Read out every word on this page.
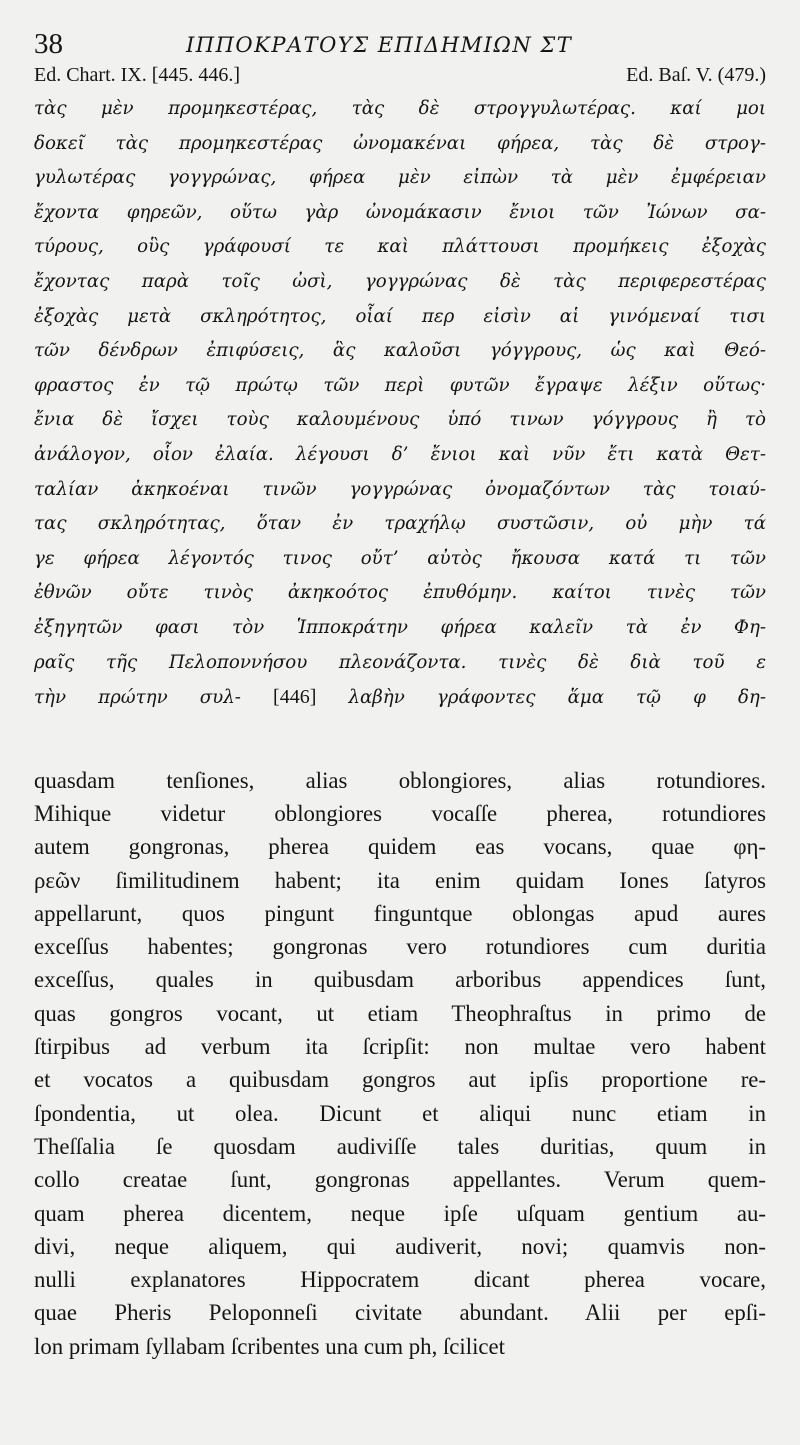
38	ΙΠΠΟΚΡΑΤΟΥΣ ΕΠΙΔΗΜΙΩΝ ΣΤ
Ed. Chart. IX. [445. 446.]	Ed. Baſ. V. (479.)
τὰς μὲν προμηκεστέρας, τὰς δὲ στρογγυλωτέρας. καί μοι
δοκεῖ τὰς προμηκεστέρας ὠνομακέναι φήρεα, τὰς δὲ στρογ-
γυλωτέρας γογγρώνας, φήρεα μὲν εἰπὼν τὰ μὲν ἐμφέρειαν
ἔχοντα φηρεῶν, οὕτω γὰρ ὠνομάκασιν ἔνιοι τῶν Ἰώνων σα-
τύρους, οὓς γράφουσί τε καὶ πλάττουσι προμήκεις ἐξοχὰς
ἔχοντας παρὰ τοῖς ὠσὶ, γογγρώνας δὲ τὰς περιφερεστέρας
ἐξοχὰς μετὰ σκληρότητος, οἷαί περ εἰσὶν αἱ γινόμεναί τισι
τῶν δένδρων ἐπιφύσεις, ἃς καλοῦσι γόγγρους, ὡς καὶ Θεό-
φραστος ἐν τῷ πρώτῳ τῶν περὶ φυτῶν ἔγραψε λέξιν οὕτως·
ἔνια δὲ ἴσχει τοὺς καλουμένους ὑπό τινων γόγγρους ἢ τὸ
ἀνάλογον, οἷον ἐλαία. λέγουσι δ’ ἔνιοι καὶ νῦν ἔτι κατὰ Θετ-
ταλίαν ἀκηκοέναι τινῶν γογγρώνας ὀνομαζόντων τὰς τοιαύ-
τας σκληρότητας, ὅταν ἐν τραχήλῳ συστῶσιν, οὐ μὴν τά
γε φήρεα λέγοντός τινος οὔτ’ αὐτὸς ἤκουσα κατά τι τῶν
ἐθνῶν οὔτε τινὸς ἀκηκοότος ἐπυθόμην. καίτοι τινὲς τῶν
ἐξηγητῶν φασι τὸν Ἱπποκράτην φήρεα καλεῖν τὰ ἐν Φη-
ραῖς τῆς Πελοποννήσου πλεονάζοντα. τινὲς δὲ διὰ τοῦ ε
τὴν πρώτην συλ- [446] λαβὴν γράφοντες ἅμα τῷ φ δη-
quasdam tenſiones, alias oblongiores, alias rotundiores.
Mihique videtur oblongiores vocaſſe pherea, rotundiores
autem gongronas, pherea quidem eas vocans, quae φη-
ρεῶν ſimilitudinem habent; ita enim quidam Iones ſatyros
appellarunt, quos pingunt finguntque oblongas apud aures
exceſſus habentes; gongronas vero rotundiores cum duritia
exceſſus, quales in quibusdam arboribus appendices ſunt,
quas gongros vocant, ut etiam Theophraſtus in primo de
ſtirpibus ad verbum ita ſcripſit: non multae vero habent
et vocatos a quibusdam gongros aut ipſis proportione re-
ſpondentia, ut olea. Dicunt et aliqui nunc etiam in
Theſſalia ſe quosdam audiviſſe tales duritias, quum in
collo creatae ſunt, gongronas appellantes. Verum quem-
quam pherea dicentem, neque ipſe uſquam gentium au-
divi, neque aliquem, qui audiverit, novi; quamvis non-
nulli explanatores Hippocratem dicant pherea vocare,
quae Pheris Peloponneſi civitate abundant. Alii per epſi-
lon primam ſyllabam ſcribentes una cum ph, ſcilicet
